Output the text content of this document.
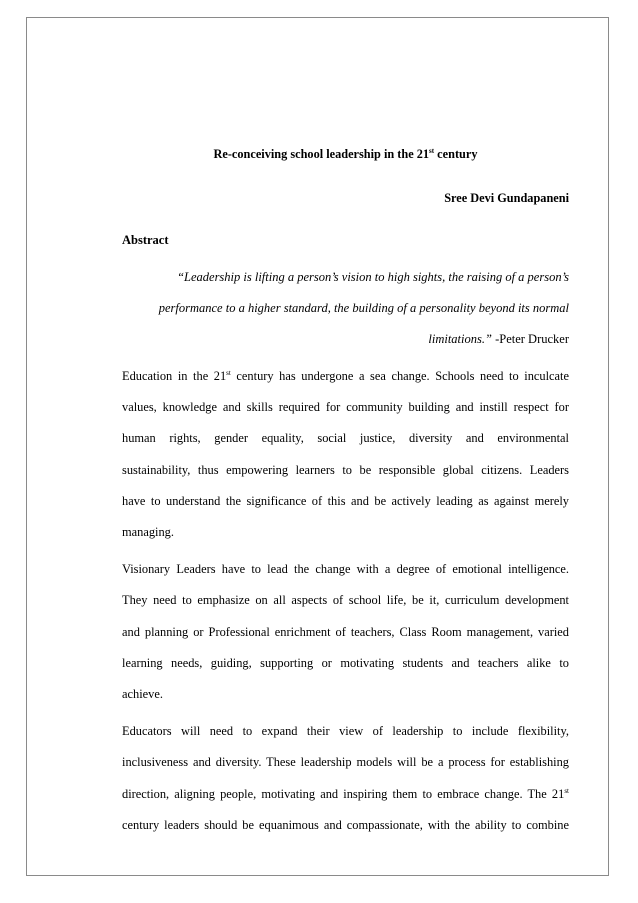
Re-conceiving school leadership in the 21st century

Sree Devi Gundapaneni

Abstract

“Leadership is lifting a person’s vision to high sights, the raising of a person’s
performance to a higher standard, the building of a personality beyond its normal
limitations.” -Peter Drucker
Education in the 21st century has undergone a sea change. Schools need to inculcate
values, knowledge and skills required for community building and instill respect for
human rights, gender equality, social justice, diversity and environmental
sustainability, thus empowering learners to be responsible global citizens. Leaders
have to understand the significance of this and be actively leading as against merely
managing.
Visionary Leaders have to lead the change with a degree of emotional intelligence.
They need to emphasize on all aspects of school life, be it, curriculum development
and planning or Professional enrichment of teachers, Class Room management, varied
learning needs, guiding, supporting or motivating students and teachers alike to
achieve.
Educators will need to expand their view of leadership to include flexibility,
inclusiveness and diversity. These leadership models will be a process for establishing
direction, aligning people, motivating and inspiring them to embrace change. The 21st
century leaders should be equanimous and compassionate, with the ability to combine
